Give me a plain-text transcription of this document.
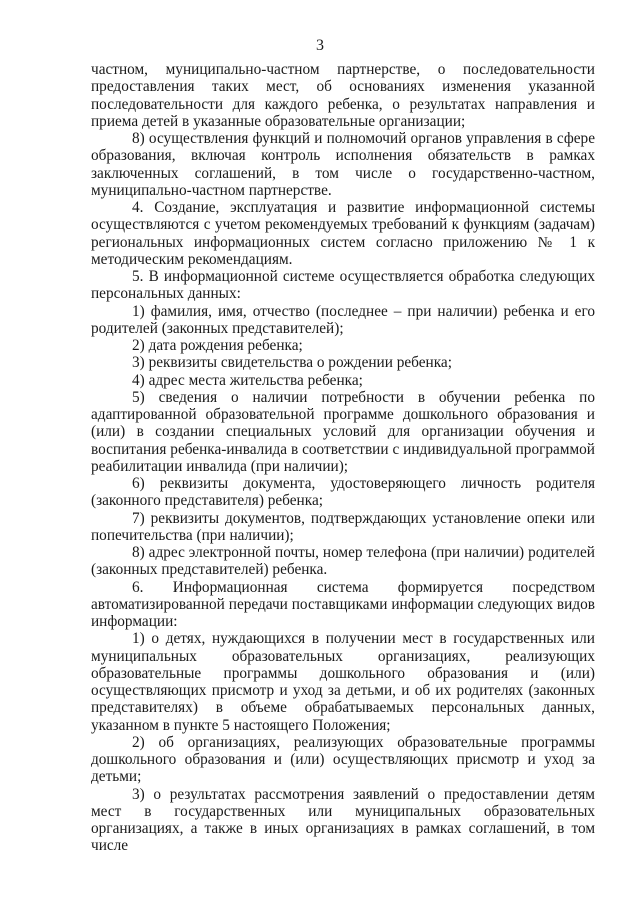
3

частном, муниципально-частном партнерстве, о последовательности предоставления таких мест, об основаниях изменения указанной последовательности для каждого ребенка, о результатах направления и приема детей в указанные образовательные организации;

8) осуществления функций и полномочий органов управления в сфере образования, включая контроль исполнения обязательств в рамках заключенных соглашений, в том числе о государственно-частном, муниципально-частном партнерстве.

4. Создание, эксплуатация и развитие информационной системы осуществляются с учетом рекомендуемых требований к функциям (задачам) региональных информационных систем согласно приложению № 1 к методическим рекомендациям.

5. В информационной системе осуществляется обработка следующих персональных данных:

1) фамилия, имя, отчество (последнее – при наличии) ребенка и его родителей (законных представителей);

2) дата рождения ребенка;

3) реквизиты свидетельства о рождении ребенка;

4) адрес места жительства ребенка;

5) сведения о наличии потребности в обучении ребенка по адаптированной образовательной программе дошкольного образования и (или) в создании специальных условий для организации обучения и воспитания ребенка-инвалида в соответствии с индивидуальной программой реабилитации инвалида (при наличии);

6) реквизиты документа, удостоверяющего личность родителя (законного представителя) ребенка;

7) реквизиты документов, подтверждающих установление опеки или попечительства (при наличии);

8) адрес электронной почты, номер телефона (при наличии) родителей (законных представителей) ребенка.

6. Информационная система формируется посредством автоматизированной передачи поставщиками информации следующих видов информации:

1) о детях, нуждающихся в получении мест в государственных или муниципальных образовательных организациях, реализующих образовательные программы дошкольного образования и (или) осуществляющих присмотр и уход за детьми, и об их родителях (законных представителях) в объеме обрабатываемых персональных данных, указанном в пункте 5 настоящего Положения;

2) об организациях, реализующих образовательные программы дошкольного образования и (или) осуществляющих присмотр и уход за детьми;

3) о результатах рассмотрения заявлений о предоставлении детям мест в государственных или муниципальных образовательных организациях, а также в иных организациях в рамках соглашений, в том числе
